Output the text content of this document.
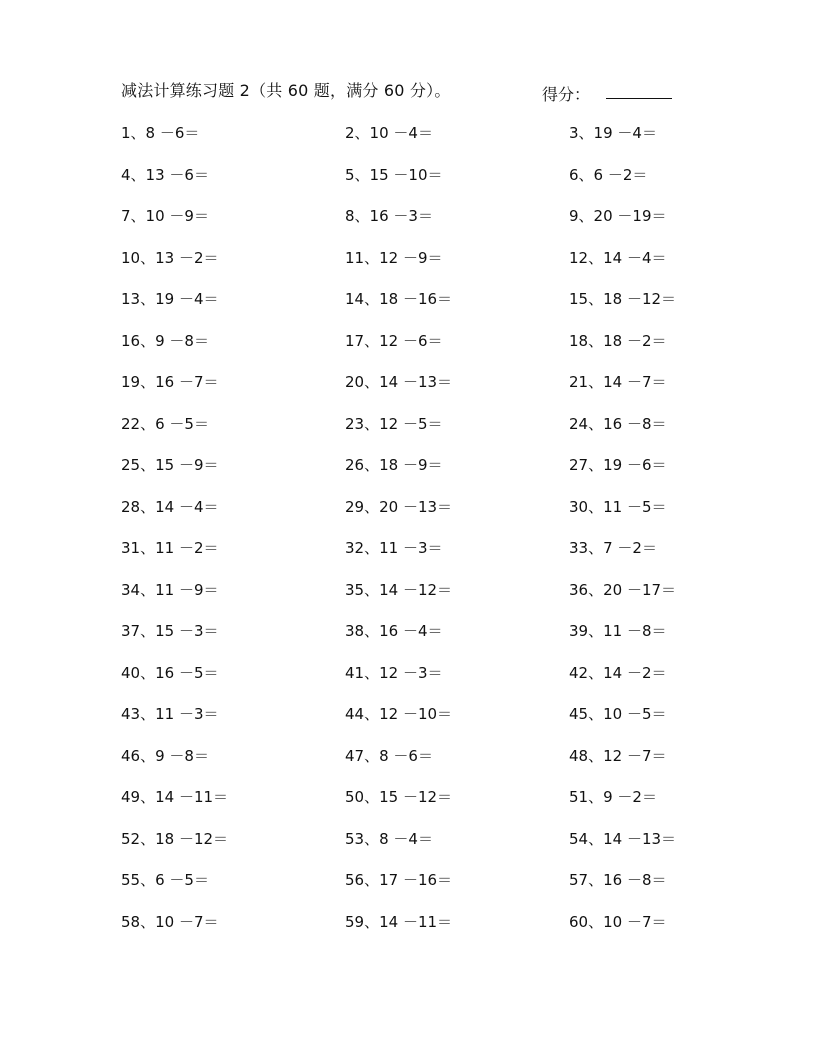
减法计算练习题 2（共 60 题，满分 60 分）。	得分：
1、8 －6＝	2、10 －4＝	3、19 －4＝
4、13 －6＝	5、15 －10＝	6、6 －2＝
7、10 －9＝	8、16 －3＝	9、20 －19＝
10、13 －2＝	11、12 －9＝	12、14 －4＝
13、19 －4＝	14、18 －16＝	15、18 －12＝
16、9 －8＝	17、12 －6＝	18、18 －2＝
19、16 －7＝	20、14 －13＝	21、14 －7＝
22、6 －5＝	23、12 －5＝	24、16 －8＝
25、15 －9＝	26、18 －9＝	27、19 －6＝
28、14 －4＝	29、20 －13＝	30、11 －5＝
31、11 －2＝	32、11 －3＝	33、7 －2＝
34、11 －9＝	35、14 －12＝	36、20 －17＝
37、15 －3＝	38、16 －4＝	39、11 －8＝
40、16 －5＝	41、12 －3＝	42、14 －2＝
43、11 －3＝	44、12 －10＝	45、10 －5＝
46、9 －8＝	47、8 －6＝	48、12 －7＝
49、14 －11＝	50、15 －12＝	51、9 －2＝
52、18 －12＝	53、8 －4＝	54、14 －13＝
55、6 －5＝	56、17 －16＝	57、16 －8＝
58、10 －7＝	59、14 －11＝	60、10 －7＝
